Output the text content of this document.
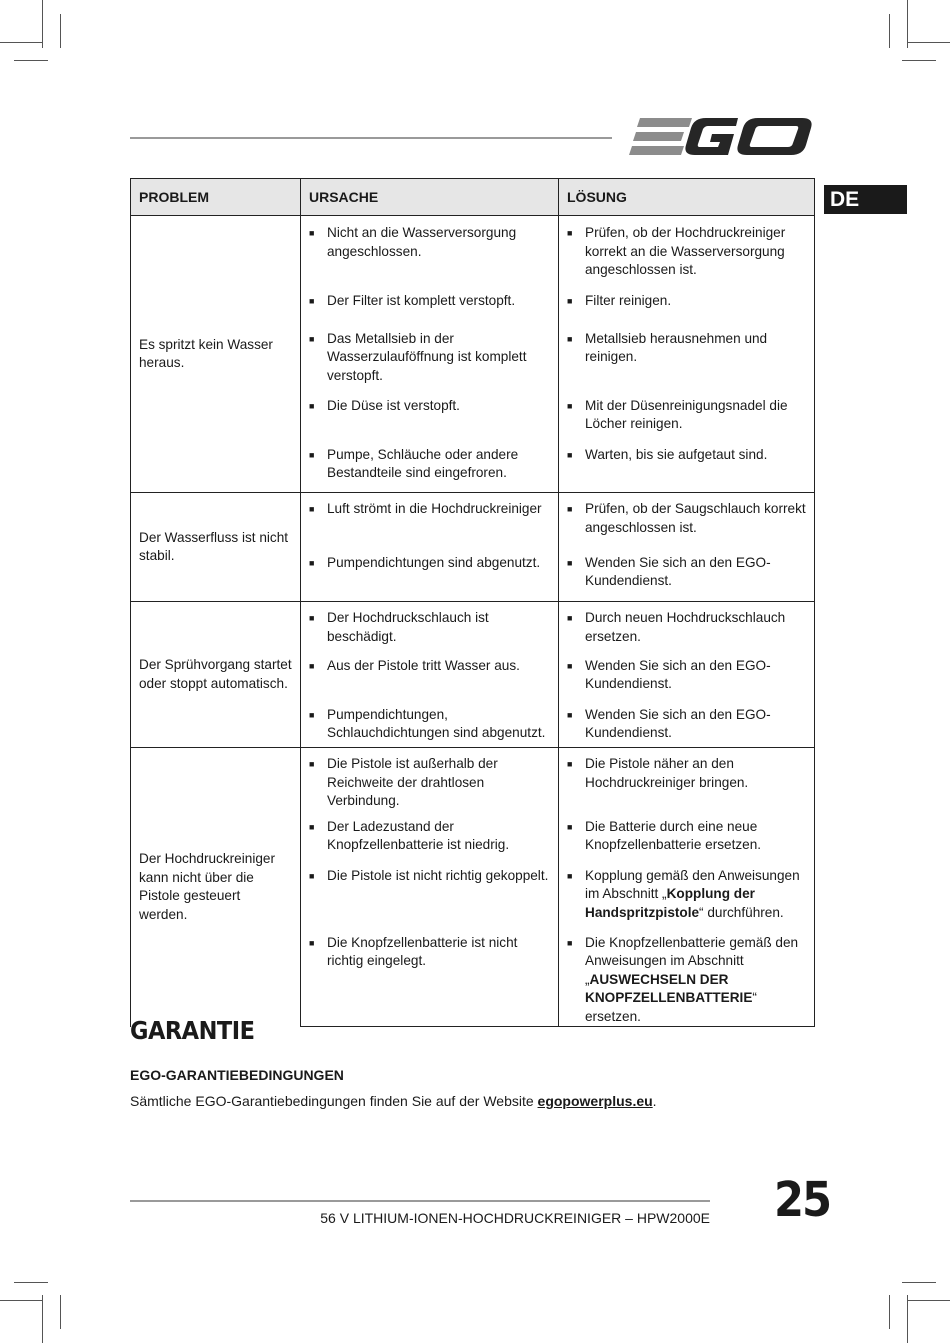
DE
PROBLEM	URSACHE	LÖSUNG
Es spritzt kein Wasser heraus.	■ Nicht an die Wasserversorgung angeschlossen.	■ Prüfen, ob der Hochdruckreiniger korrekt an die Wasserversorgung angeschlossen ist.

	■ Der Filter ist komplett verstopft.	■ Filter reinigen.

	■ Das Metallsieb in der Wasserzulauföffnung ist komplett verstopft.	■ Metallsieb herausnehmen und reinigen.

	■ Die Düse ist verstopft.	■ Mit der Düsenreinigungsnadel die Löcher reinigen.

	■ Pumpe, Schläuche oder andere Bestandteile sind eingefroren.	■ Warten, bis sie aufgetaut sind.

Der Wasserfluss ist nicht stabil.	■ Luft strömt in die Hochdruckreiniger	■ Prüfen, ob der Saugschlauch korrekt angeschlossen ist.

	■ Pumpendichtungen sind abgenutzt.	■ Wenden Sie sich an den EGO-Kundendienst.

Der Sprühvorgang startet oder stoppt automatisch.	■ Der Hochdruckschlauch ist beschädigt.	■ Durch neuen Hochdruckschlauch ersetzen.

	■ Aus der Pistole tritt Wasser aus.	■ Wenden Sie sich an den EGO-Kundendienst.

	■ Pumpendichtungen, Schlauchdichtungen sind abgenutzt.	■ Wenden Sie sich an den EGO-Kundendienst.

Der Hochdruckreiniger kann nicht über die Pistole gesteuert werden.	■ Die Pistole ist außerhalb der Reichweite der drahtlosen Verbindung.	■ Die Pistole näher an den Hochdruckreiniger bringen.

	■ Der Ladezustand der Knopfzellenbatterie ist niedrig.	■ Die Batterie durch eine neue Knopfzellenbatterie ersetzen.

	■ Die Pistole ist nicht richtig gekoppelt.	■ Kopplung gemäß den Anweisungen im Abschnitt „Kopplung der Handspritzpistole“ durchführen.

	■ Die Knopfzellenbatterie ist nicht richtig eingelegt.	■ Die Knopfzellenbatterie gemäß den Anweisungen im Abschnitt „AUSWECHSELN DER KNOPFZELLENBATTERIE“ ersetzen.
GARANTIE
EGO-GARANTIEBEDINGUNGEN
Sämtliche EGO-Garantiebedingungen finden Sie auf der Website egopowerplus.eu.
56 V LITHIUM-IONEN-HOCHDRUCKREINIGER – HPW2000E 25
